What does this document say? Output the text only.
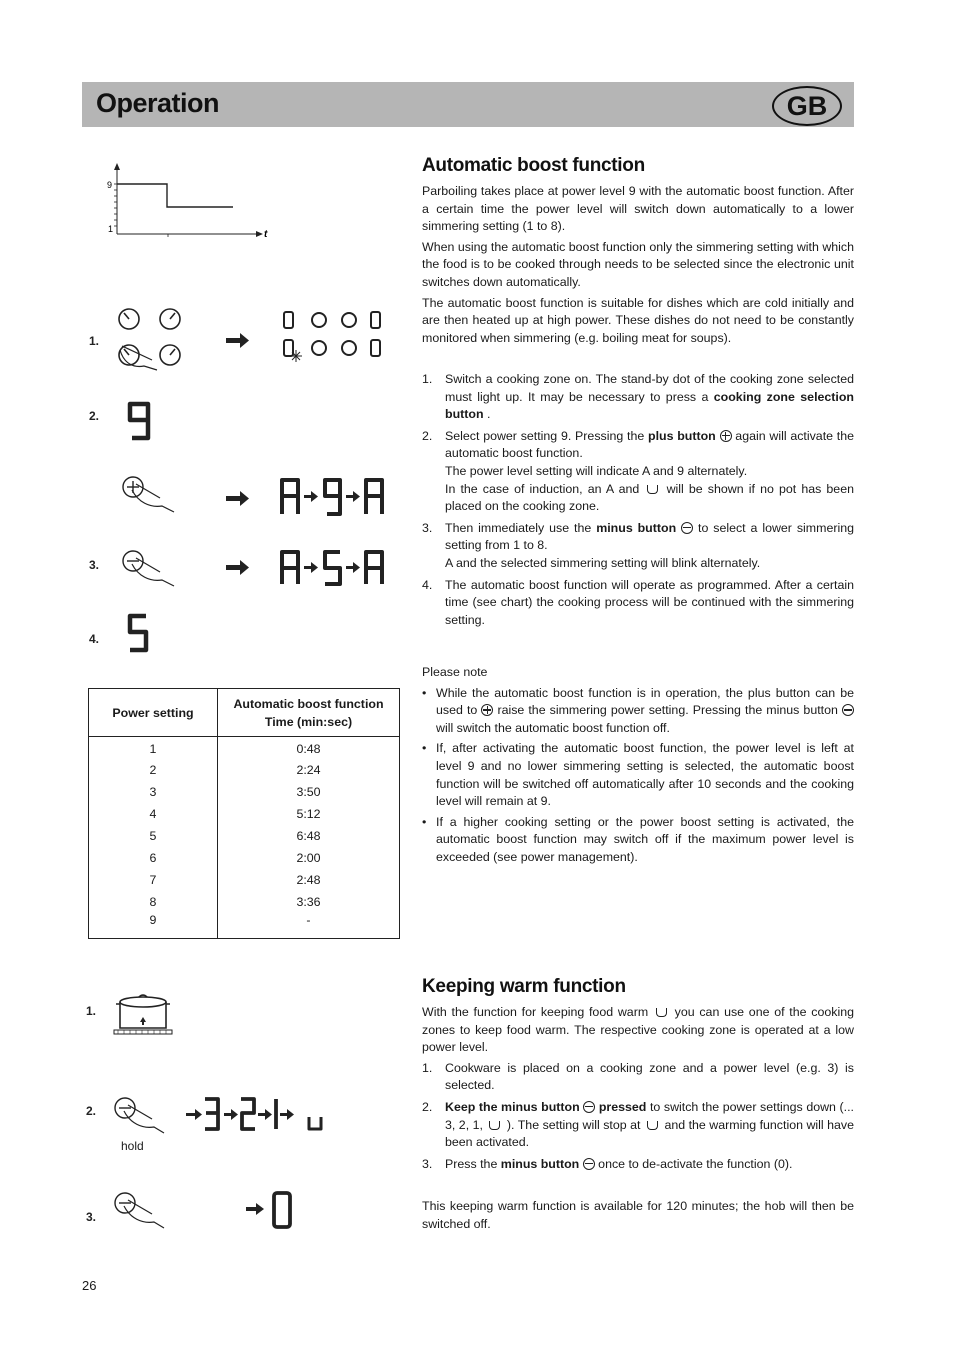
Operation	GB
9
1	t
1.
2.
3.
4.
Power setting	Automatic boost function
Time (min:sec)

1	0:48
2	2:24
3	3:50
4	5:12
5	6:48
6	2:00
7	2:48
8	3:36
9	-
Automatic boost function

Parboiling takes place at power level 9 with the automatic boost function. After a certain time the power level will switch down automatically to a lower simmering setting (1 to 8).

When using the automatic boost function only the simmering setting with which the food is to be cooked through needs to be selected since the electronic unit switches down automatically.

The automatic boost function is suitable for dishes which are cold initially and are then heated up at high power. These dishes do not need to be constantly monitored when simmering (e.g. boiling meat for soups).

1. Switch a cooking zone on. The stand-by dot of the cooking zone selected must light up. It may be necessary to press a cooking zone selection button .
2. Select power setting 9. Pressing the plus button again will activate the automatic boost function.
The power level setting will indicate A and 9 alternately.
In the case of induction, an A and will be shown if no pot has been placed on the cooking zone.
3. Then immediately use the minus button to select a lower simmering setting from 1 to 8.
A and the selected simmering setting will blink alternately.
4. The automatic boost function will operate as programmed. After a certain time (see chart) the cooking process will be continued with the simmering setting.
Please note
• While the automatic boost function is in operation, the plus button can be used to raise the simmering power setting. Pressing the minus button  will switch the automatic boost function off.
• If, after activating the automatic boost function, the power level is left at level 9 and no lower simmering setting is selected, the automatic boost function will be switched off automatically after 10 seconds and the cooking level will remain at 9.
• If a higher cooking setting or the power boost setting is activated, the automatic boost function may switch off if the maximum power level is exceeded (see power management).
1.
2.
3.
hold
Keeping warm function

With the function for keeping food warm you can use one of the cooking zones to keep food warm. The respective cooking zone is operated at a low power level.

1. Cookware is placed on a cooking zone and a power level (e.g. 3) is selected.
2. Keep the minus button pressed to switch the power settings down (... 3, 2, 1, ). The setting will stop at and the warming function will have been activated.
3. Press the minus button once to de-activate the function (0).
This keeping warm function is available for 120 minutes; the hob will then be switched off.
26
